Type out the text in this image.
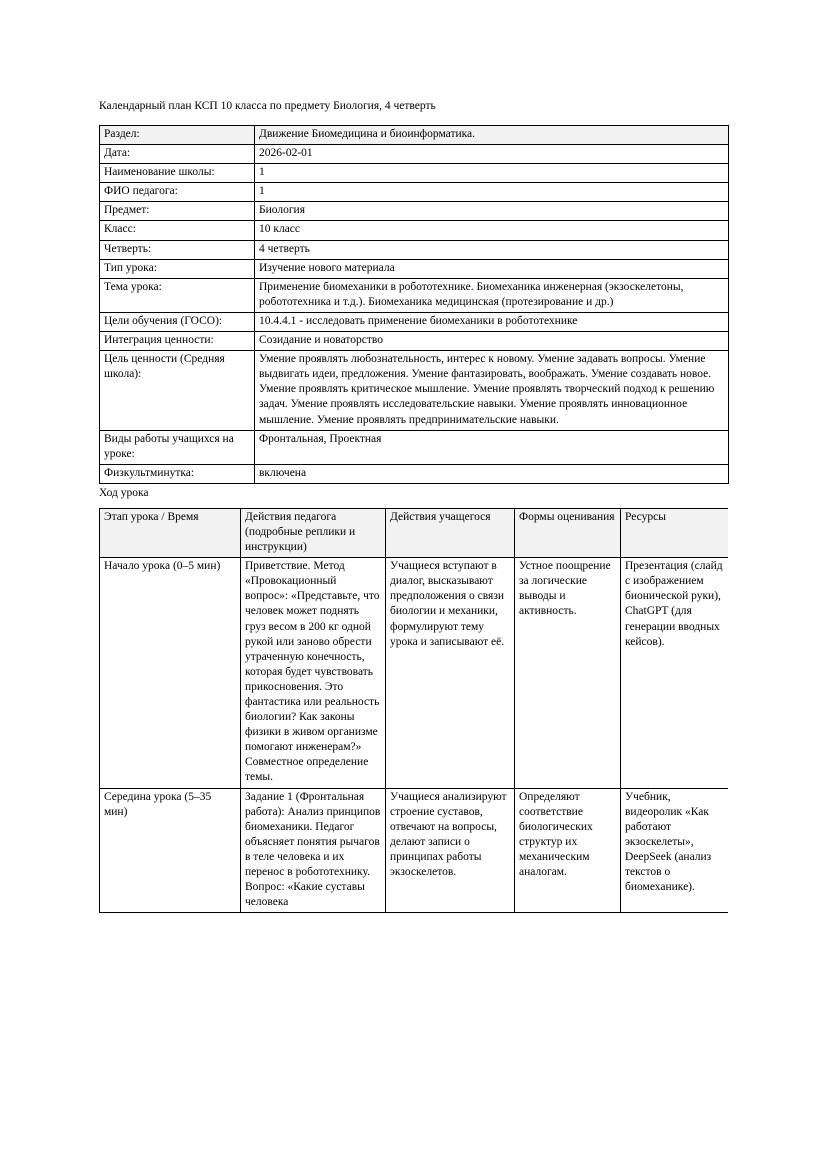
Календарный план КСП 10 класса по предмету Биология, 4 четверть

Раздел:	Движение Биомедицина и биоинформатика.
Дата:	2026-02-01
Наименование школы:	1
ФИО педагога:	1
Предмет:	Биология
Класс:	10 класс
Четверть:	4 четверть
Тип урока:	Изучение нового материала
Тема урока:	Применение биомеханики в робототехнике. Биомеханика инженерная (экзоскелетоны, робототехника и т.д.). Биомеханика медицинская (протезирование и др.)
Цели обучения (ГОСО):	10.4.4.1 - исследовать применение биомеханики в робототехнике
Интеграция ценности:	Созидание и новаторство
Цель ценности (Средняя школа):	Умение проявлять любознательность, интерес к новому. Умение задавать вопросы. Умение выдвигать идеи, предложения. Умение фантазировать, воображать. Умение создавать новое. Умение проявлять критическое мышление. Умение проявлять творческий подход к решению задач. Умение проявлять исследовательские навыки. Умение проявлять инновационное мышление. Умение проявлять предпринимательские навыки.
Виды работы учащихся на уроке:	Фронтальная, Проектная
Физкультминутка:	включена

Ход урока

Этап урока / Время	Действия педагога (подробные реплики и инструкции)	Действия учащегося	Формы оценивания	Ресурсы
Начало урока (0–5 мин)	Приветствие. Метод «Провокационный вопрос»: «Представьте, что человек может поднять груз весом в 200 кг одной рукой или заново обрести утраченную конечность, которая будет чувствовать прикосновения. Это фантастика или реальность биологии? Как законы физики в живом организме помогают инженерам?» Совместное определение темы.	Учащиеся вступают в диалог, высказывают предположения о связи биологии и механики, формулируют тему урока и записывают её.	Устное поощрение за логические выводы и активность.	Презентация (слайд с изображением бионической руки), ChatGPT (для генерации вводных кейсов).
Середина урока (5–35 мин)	Задание 1 (Фронтальная работа): Анализ принципов биомеханики. Педагог объясняет понятия рычагов в теле человека и их перенос в робототехнику. Вопрос: «Какие суставы человека	Учащиеся анализируют строение суставов, отвечают на вопросы, делают записи о принципах работы экзоскелетов.	Определяют соответствие биологических структур их механическим аналогам.	Учебник, видеоролик «Как работают экзоскелеты», DeepSeek (анализ текстов о биомеханике).
